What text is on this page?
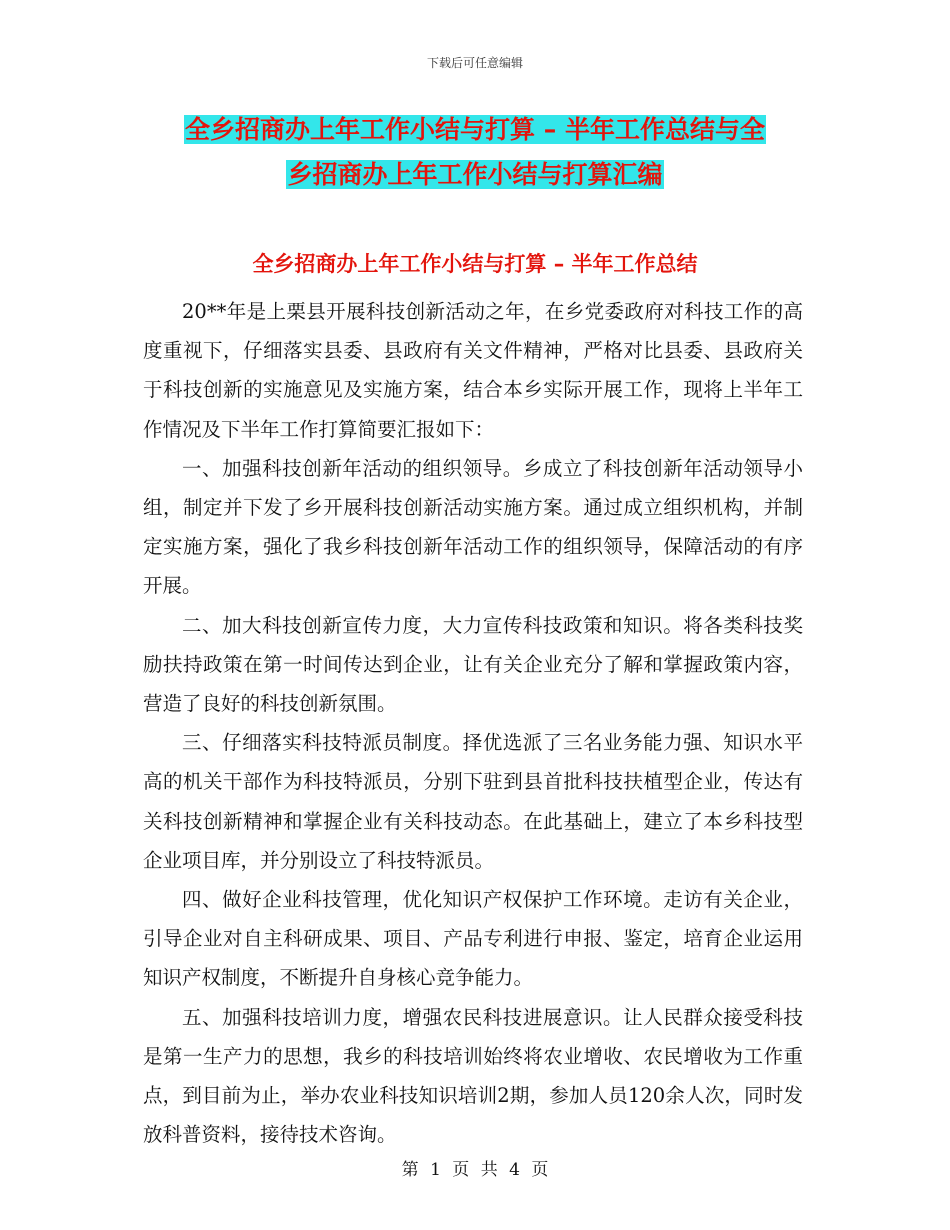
下载后可任意编辑
全乡招商办上年工作小结与打算 – 半年工作总结与全
乡招商办上年工作小结与打算汇编
全乡招商办上年工作小结与打算 – 半年工作总结

20**年是上栗县开展科技创新活动之年，在乡党委政府对科技工作的高度重视下，仔细落实县委、县政府有关文件精神，严格对比县委、县政府关于科技创新的实施意见及实施方案，结合本乡实际开展工作，现将上半年工作情况及下半年工作打算简要汇报如下：

一、加强科技创新年活动的组织领导。乡成立了科技创新年活动领导小组，制定并下发了乡开展科技创新活动实施方案。通过成立组织机构，并制定实施方案，强化了我乡科技创新年活动工作的组织领导，保障活动的有序开展。

二、加大科技创新宣传力度，大力宣传科技政策和知识。将各类科技奖励扶持政策在第一时间传达到企业，让有关企业充分了解和掌握政策内容，营造了良好的科技创新氛围。

三、仔细落实科技特派员制度。择优选派了三名业务能力强、知识水平高的机关干部作为科技特派员，分别下驻到县首批科技扶植型企业，传达有关科技创新精神和掌握企业有关科技动态。在此基础上，建立了本乡科技型企业项目库，并分别设立了科技特派员。

四、做好企业科技管理，优化知识产权保护工作环境。走访有关企业，引导企业对自主科研成果、项目、产品专利进行申报、鉴定，培育企业运用知识产权制度，不断提升自身核心竞争能力。

五、加强科技培训力度，增强农民科技进展意识。让人民群众接受科技是第一生产力的思想，我乡的科技培训始终将农业增收、农民增收为工作重点，到目前为止，举办农业科技知识培训2期，参加人员120余人次，同时发放科普资料，接待技术咨询。

第 1 页 共 4 页
